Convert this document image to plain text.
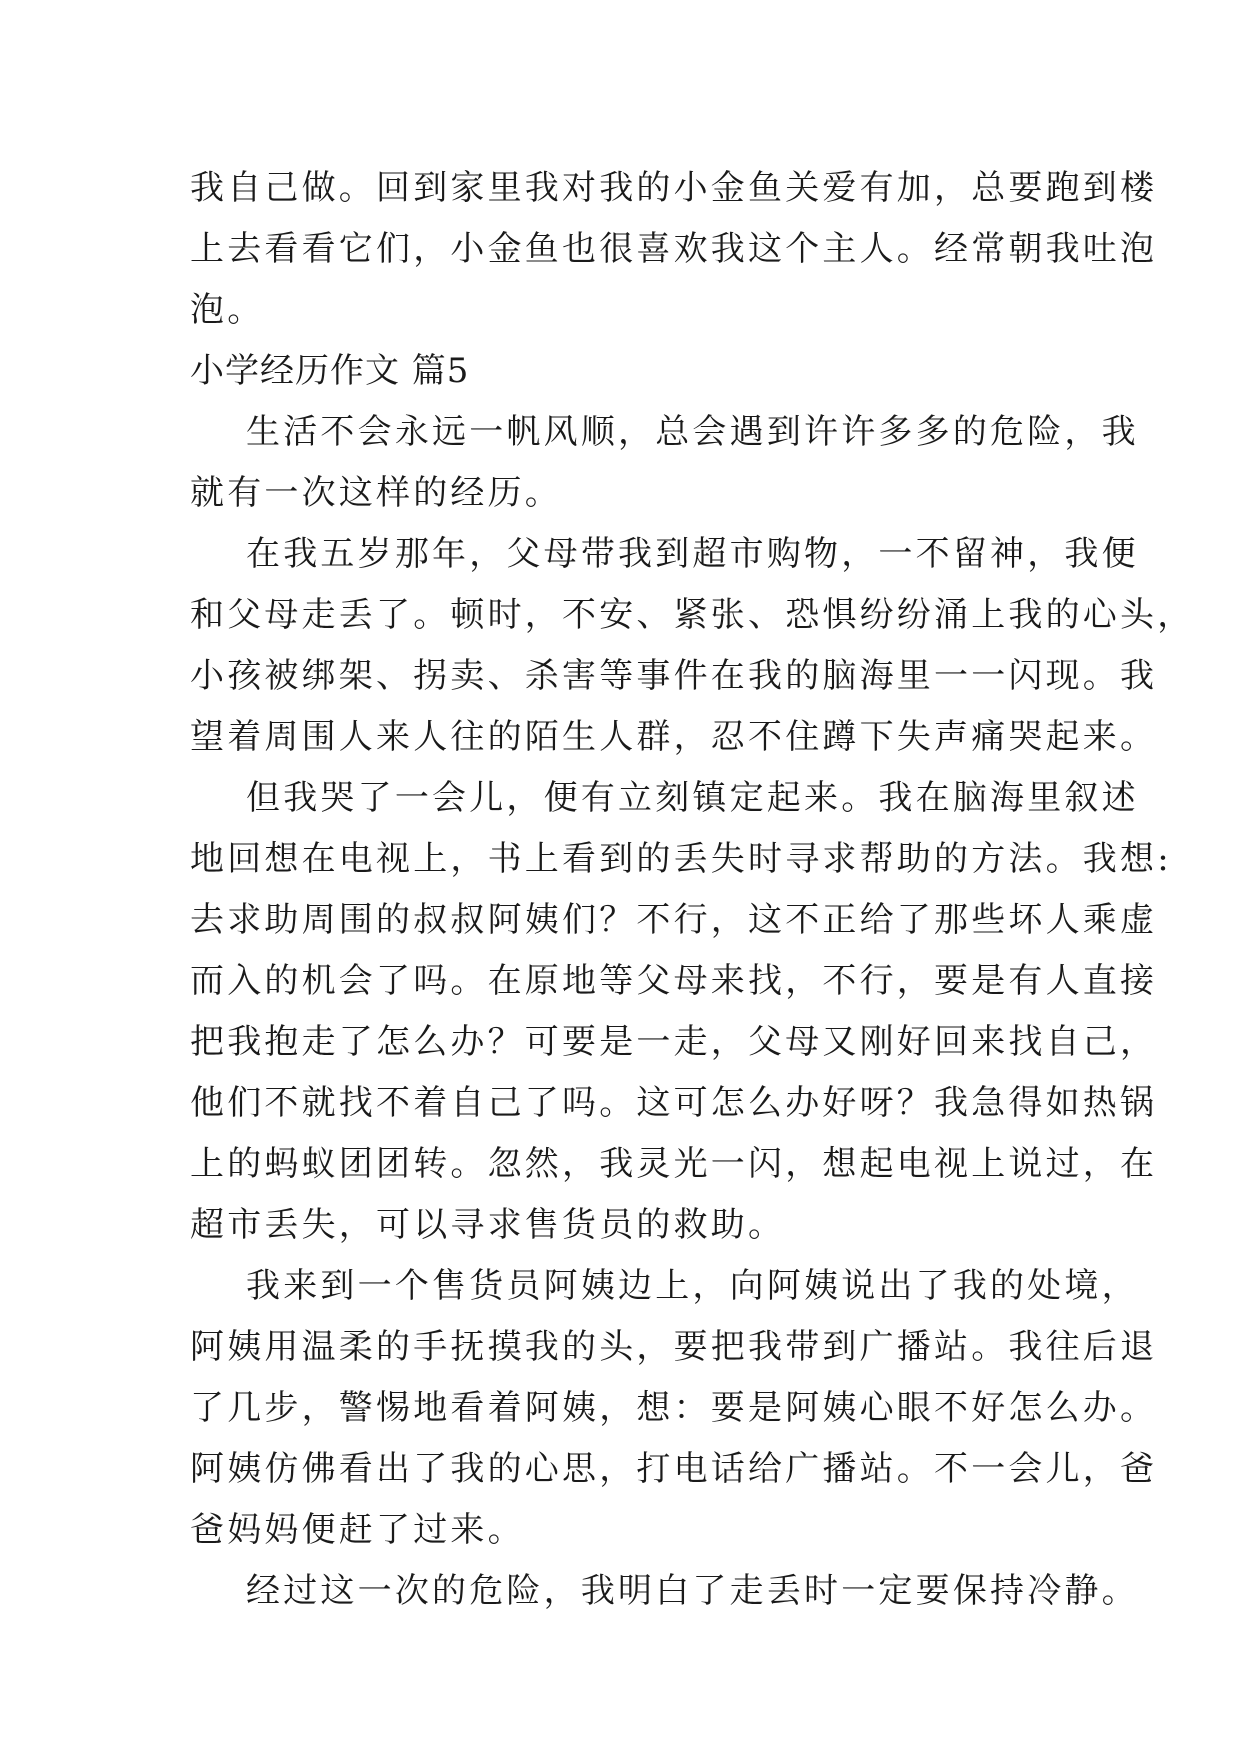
我自己做。回到家里我对我的小金鱼关爱有加，总要跑到楼
上去看看它们，小金鱼也很喜欢我这个主人。经常朝我吐泡
泡。
小学经历作文 篇5
生活不会永远一帆风顺，总会遇到许许多多的危险，我
就有一次这样的经历。
在我五岁那年，父母带我到超市购物，一不留神，我便
和父母走丢了。顿时，不安、紧张、恐惧纷纷涌上我的心头，
小孩被绑架、拐卖、杀害等事件在我的脑海里一一闪现。我
望着周围人来人往的陌生人群，忍不住蹲下失声痛哭起来。
但我哭了一会儿，便有立刻镇定起来。我在脑海里叙述
地回想在电视上，书上看到的丢失时寻求帮助的方法。我想:
去求助周围的叔叔阿姨们？不行，这不正给了那些坏人乘虚
而入的机会了吗。在原地等父母来找，不行，要是有人直接
把我抱走了怎么办？可要是一走，父母又刚好回来找自己，
他们不就找不着自己了吗。这可怎么办好呀？我急得如热锅
上的蚂蚁团团转。忽然，我灵光一闪，想起电视上说过，在
超市丢失，可以寻求售货员的救助。
我来到一个售货员阿姨边上，向阿姨说出了我的处境，
阿姨用温柔的手抚摸我的头，要把我带到广播站。我往后退
了几步，警惕地看着阿姨，想：要是阿姨心眼不好怎么办。
阿姨仿佛看出了我的心思，打电话给广播站。不一会儿，爸
爸妈妈便赶了过来。
经过这一次的危险，我明白了走丢时一定要保持冷静。
